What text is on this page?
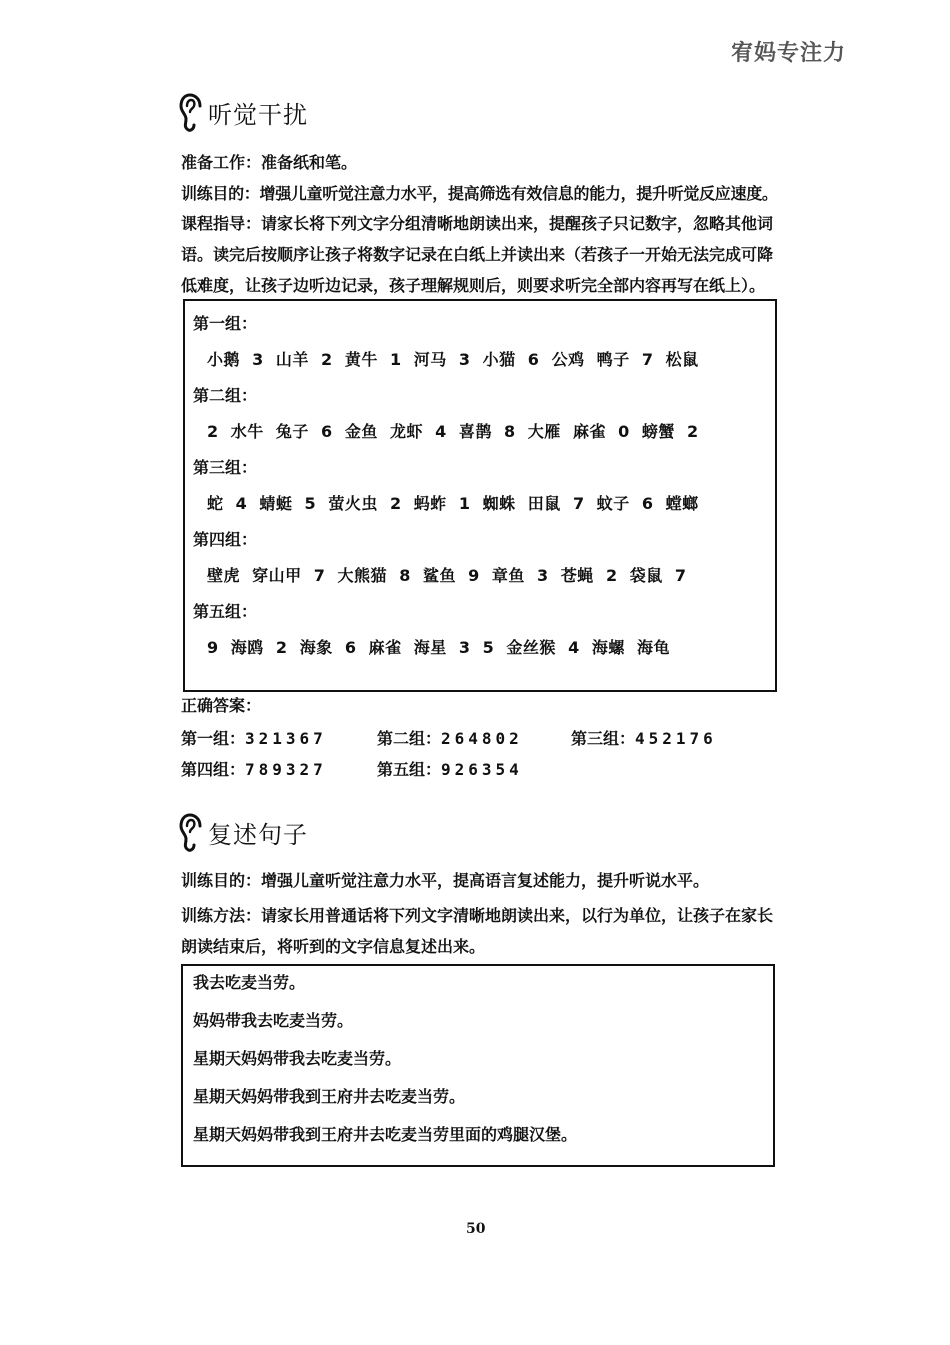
宥妈专注力
听觉干扰
准备工作：准备纸和笔。
训练目的：增强儿童听觉注意力水平，提高筛选有效信息的能力，提升听觉反应速度。
课程指导：请家长将下列文字分组清晰地朗读出来，提醒孩子只记数字，忽略其他词
语。读完后按顺序让孩子将数字记录在白纸上并读出来（若孩子一开始无法完成可降
低难度，让孩子边听边记录，孩子理解规则后，则要求听完全部内容再写在纸上）。
第一组：
小鹅  3  山羊  2  黄牛  1  河马  3  小猫  6  公鸡  鸭子  7  松鼠
第二组：
2  水牛  兔子  6  金鱼  龙虾  4  喜鹊  8  大雁  麻雀  0  螃蟹  2
第三组：
蛇  4  蜻蜓  5  萤火虫  2  蚂蚱  1  蜘蛛  田鼠  7  蚊子  6  螳螂
第四组：
壁虎  穿山甲  7  大熊猫  8  鲨鱼  9  章鱼  3  苍蝇  2  袋鼠  7
第五组：
9  海鸥  2  海象  6  麻雀  海星  3  5  金丝猴  4  海螺  海龟
正确答案：
第一组：321367	第二组：264802	第三组：452176
第四组：789327	第五组：926354
复述句子
训练目的：增强儿童听觉注意力水平，提高语言复述能力，提升听说水平。
训练方法：请家长用普通话将下列文字清晰地朗读出来，以行为单位，让孩子在家长
朗读结束后，将听到的文字信息复述出来。
我去吃麦当劳。
妈妈带我去吃麦当劳。
星期天妈妈带我去吃麦当劳。
星期天妈妈带我到王府井去吃麦当劳。
星期天妈妈带我到王府井去吃麦当劳里面的鸡腿汉堡。
50
